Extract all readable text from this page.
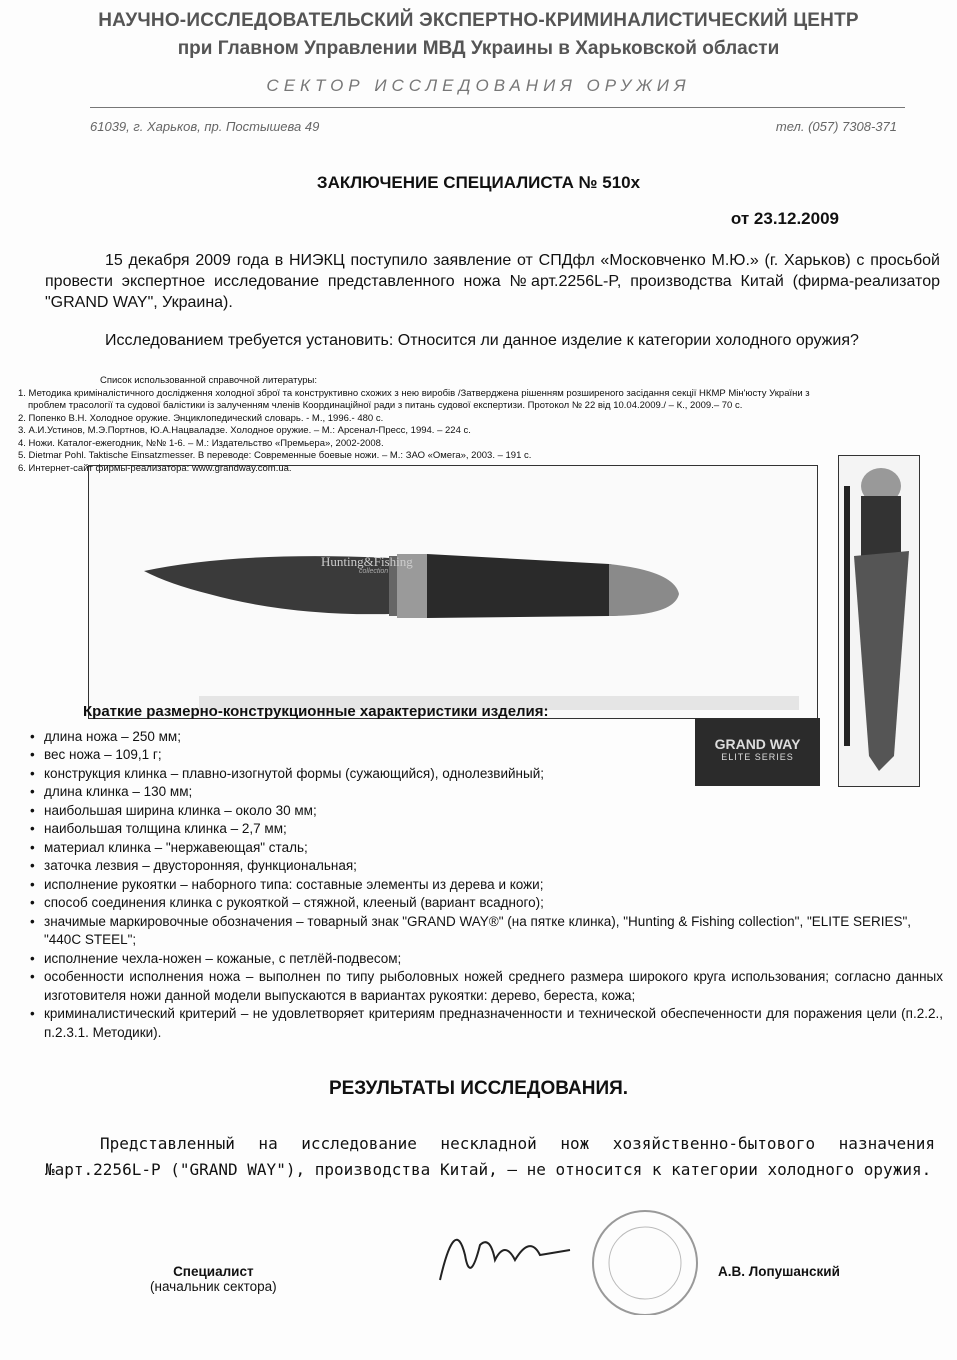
НАУЧНО-ИССЛЕДОВАТЕЛЬСКИЙ ЭКСПЕРТНО-КРИМИНАЛИСТИЧЕСКИЙ ЦЕНТР
при Главном Управлении МВД Украины в Харьковской области
СЕКТОР ИССЛЕДОВАНИЯ ОРУЖИЯ
61039, г. Харьков, пр. Постышева 49	тел. (057) 7308-371
ЗАКЛЮЧЕНИЕ СПЕЦИАЛИСТА № 510х
от 23.12.2009
15 декабря 2009 года в НИЭКЦ поступило заявление от СПДфл «Московченко М.Ю.» (г. Харьков) с просьбой провести экспертное исследование представленного ножа №арт.2256L-P, производства Китай (фирма-реализатор "GRAND WAY", Украина).
Исследованием требуется установить: Относится ли данное изделие к категории холодного оружия?
Hunting&Fishing
collection
GRAND WAY
ELITE SERIES
Список использованной справочной литературы:
1. Методика криміналістичного дослідження холодної зброї та конструктивно схожих з нею виробів /Затверджена рішенням розширеного засідання секції НКМР Мін'юсту України з
проблем трасології та судової балістики із залученням членів Координаційної ради з питань судової експертизи. Протокол № 22 від 10.04.2009./ – К., 2009.– 70 с.
2. Попенко В.Н. Холодное оружие. Энциклопедический словарь. - М., 1996.- 480 с.
3. А.И.Устинов, М.Э.Портнов, Ю.А.Нацваладзе. Холодное оружие. – М.: Арсенал-Пресс, 1994. – 224 с.
4. Ножи. Каталог-ежегодник, №№ 1-6. – М.: Издательство «Премьера», 2002-2008.
5. Dietmar Pohl. Taktische Einsatzmesser. В переводе: Современные боевые ножи. – М.: ЗАО «Омега», 2003. – 191 с.
6. Интернет-сайт фирмы-реализатора: www.grandway.com.ua.
Краткие размерно-конструкционные характеристики изделия:
• длина ножа – 250 мм;
• вес ножа – 109,1 г;
• конструкция клинка – плавно-изогнутой формы (сужающийся), однолезвийный;
• длина клинка – 130 мм;
• наибольшая ширина клинка – около 30 мм;
• наибольшая толщина клинка – 2,7 мм;
• материал клинка – "нержавеющая" сталь;
• заточка лезвия – двусторонняя, функциональная;
• исполнение рукоятки – наборного типа: составные элементы из дерева и кожи;
• способ соединения клинка с рукояткой – стяжной, клееный (вариант всадного);
• значимые маркировочные обозначения – товарный знак "GRAND WAY®" (на пятке клинка), "Hunting & Fishing collection", "ELITE SERIES", "440C STEEL";
• исполнение чехла-ножен – кожаные, с петлёй-подвесом;
• особенности исполнения ножа – выполнен по типу рыболовных ножей среднего размера широкого круга использования; согласно данных изготовителя ножи данной модели выпускаются в вариантах рукоятки: дерево, береста, кожа;
• криминалистический критерий – не удовлетворяет критериям предназначенности и технической обеспеченности для поражения цели (п.2.2., п.2.3.1. Методики).
РЕЗУЛЬТАТЫ ИССЛЕДОВАНИЯ.
Представленный на исследование нескладной нож хозяйственно-бытового назначения №арт.2256L-P ("GRAND WAY"), производства Китай, – не относится к категории холодного оружия.
Специалист
(начальник сектора)
А.В. Лопушанский
